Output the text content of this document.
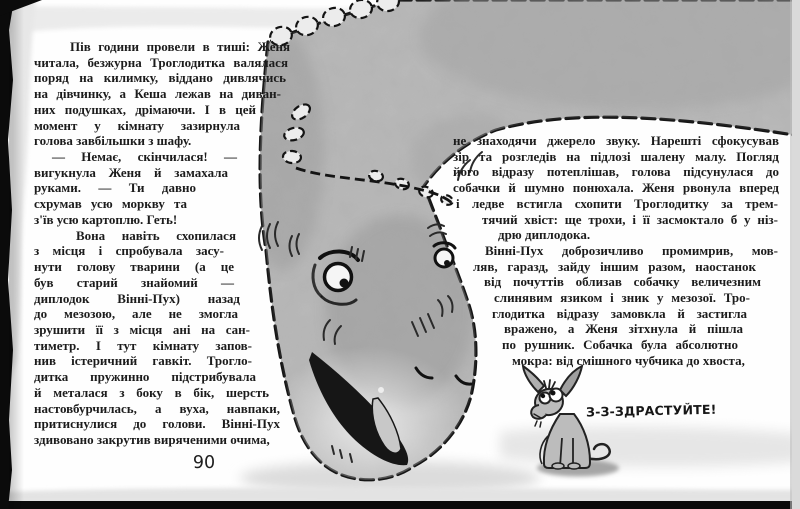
Пів години провели в тиші: Женя
читала, безжурна Троглодитка валялася
поряд на килимку, віддано дивлячись
на дівчинку, а Кеша лежав на диван-
них подушках, дрімаючи. І в цей
момент у кімнату зазирнула
голова завбільшки з шафу.
— Немає, скінчилася! —
вигукнула Женя й замахала
руками. — Ти давно
схрумав усю моркву та
з'їв усю картоплю. Геть!
Вона навіть схопилася
з місця і спробувала засу-
нути голову тварини (а це
був старий знайомий —
диплодок Вінні-Пух) назад
до мезозою, але не змогла
зрушити її з місця ані на сан-
тиметр. І тут кімнату запов-
нив істеричний гавкіт. Трогло-
дитка пружинно підстрибувала
й металася з боку в бік, шерсть
настовбурчилась, а вуха, навпаки,
притиснулися до голови. Вінні-Пух
здивовано закрутив виряченими очима,
не знаходячи джерело звуку. Нарешті сфокусував
зір та розгледів на підлозі шалену малу. Погляд
його відразу потеплішав, голова підсунулася до
собачки й шумно понюхала. Женя рвонула вперед
і ледве встигла схопити Троглодитку за трем-
тячий хвіст: ще трохи, і її засмоктало б у ніз-
дрю диплодока.
Вінні-Пух доброзичливо промимрив, мов-
ляв, гаразд, зайду іншим разом, наостанок
від почуттів облизав собачку величезним
слинявим язиком і зник у мезозої. Тро-
глодитка відразу замовкла й застигла
вражено, а Женя зітхнула й пішла
по рушник. Собачка була абсолютно
мокра: від смішного чубчика до хвоста,
З-З-ЗДРАСТУЙТЕ!
90
